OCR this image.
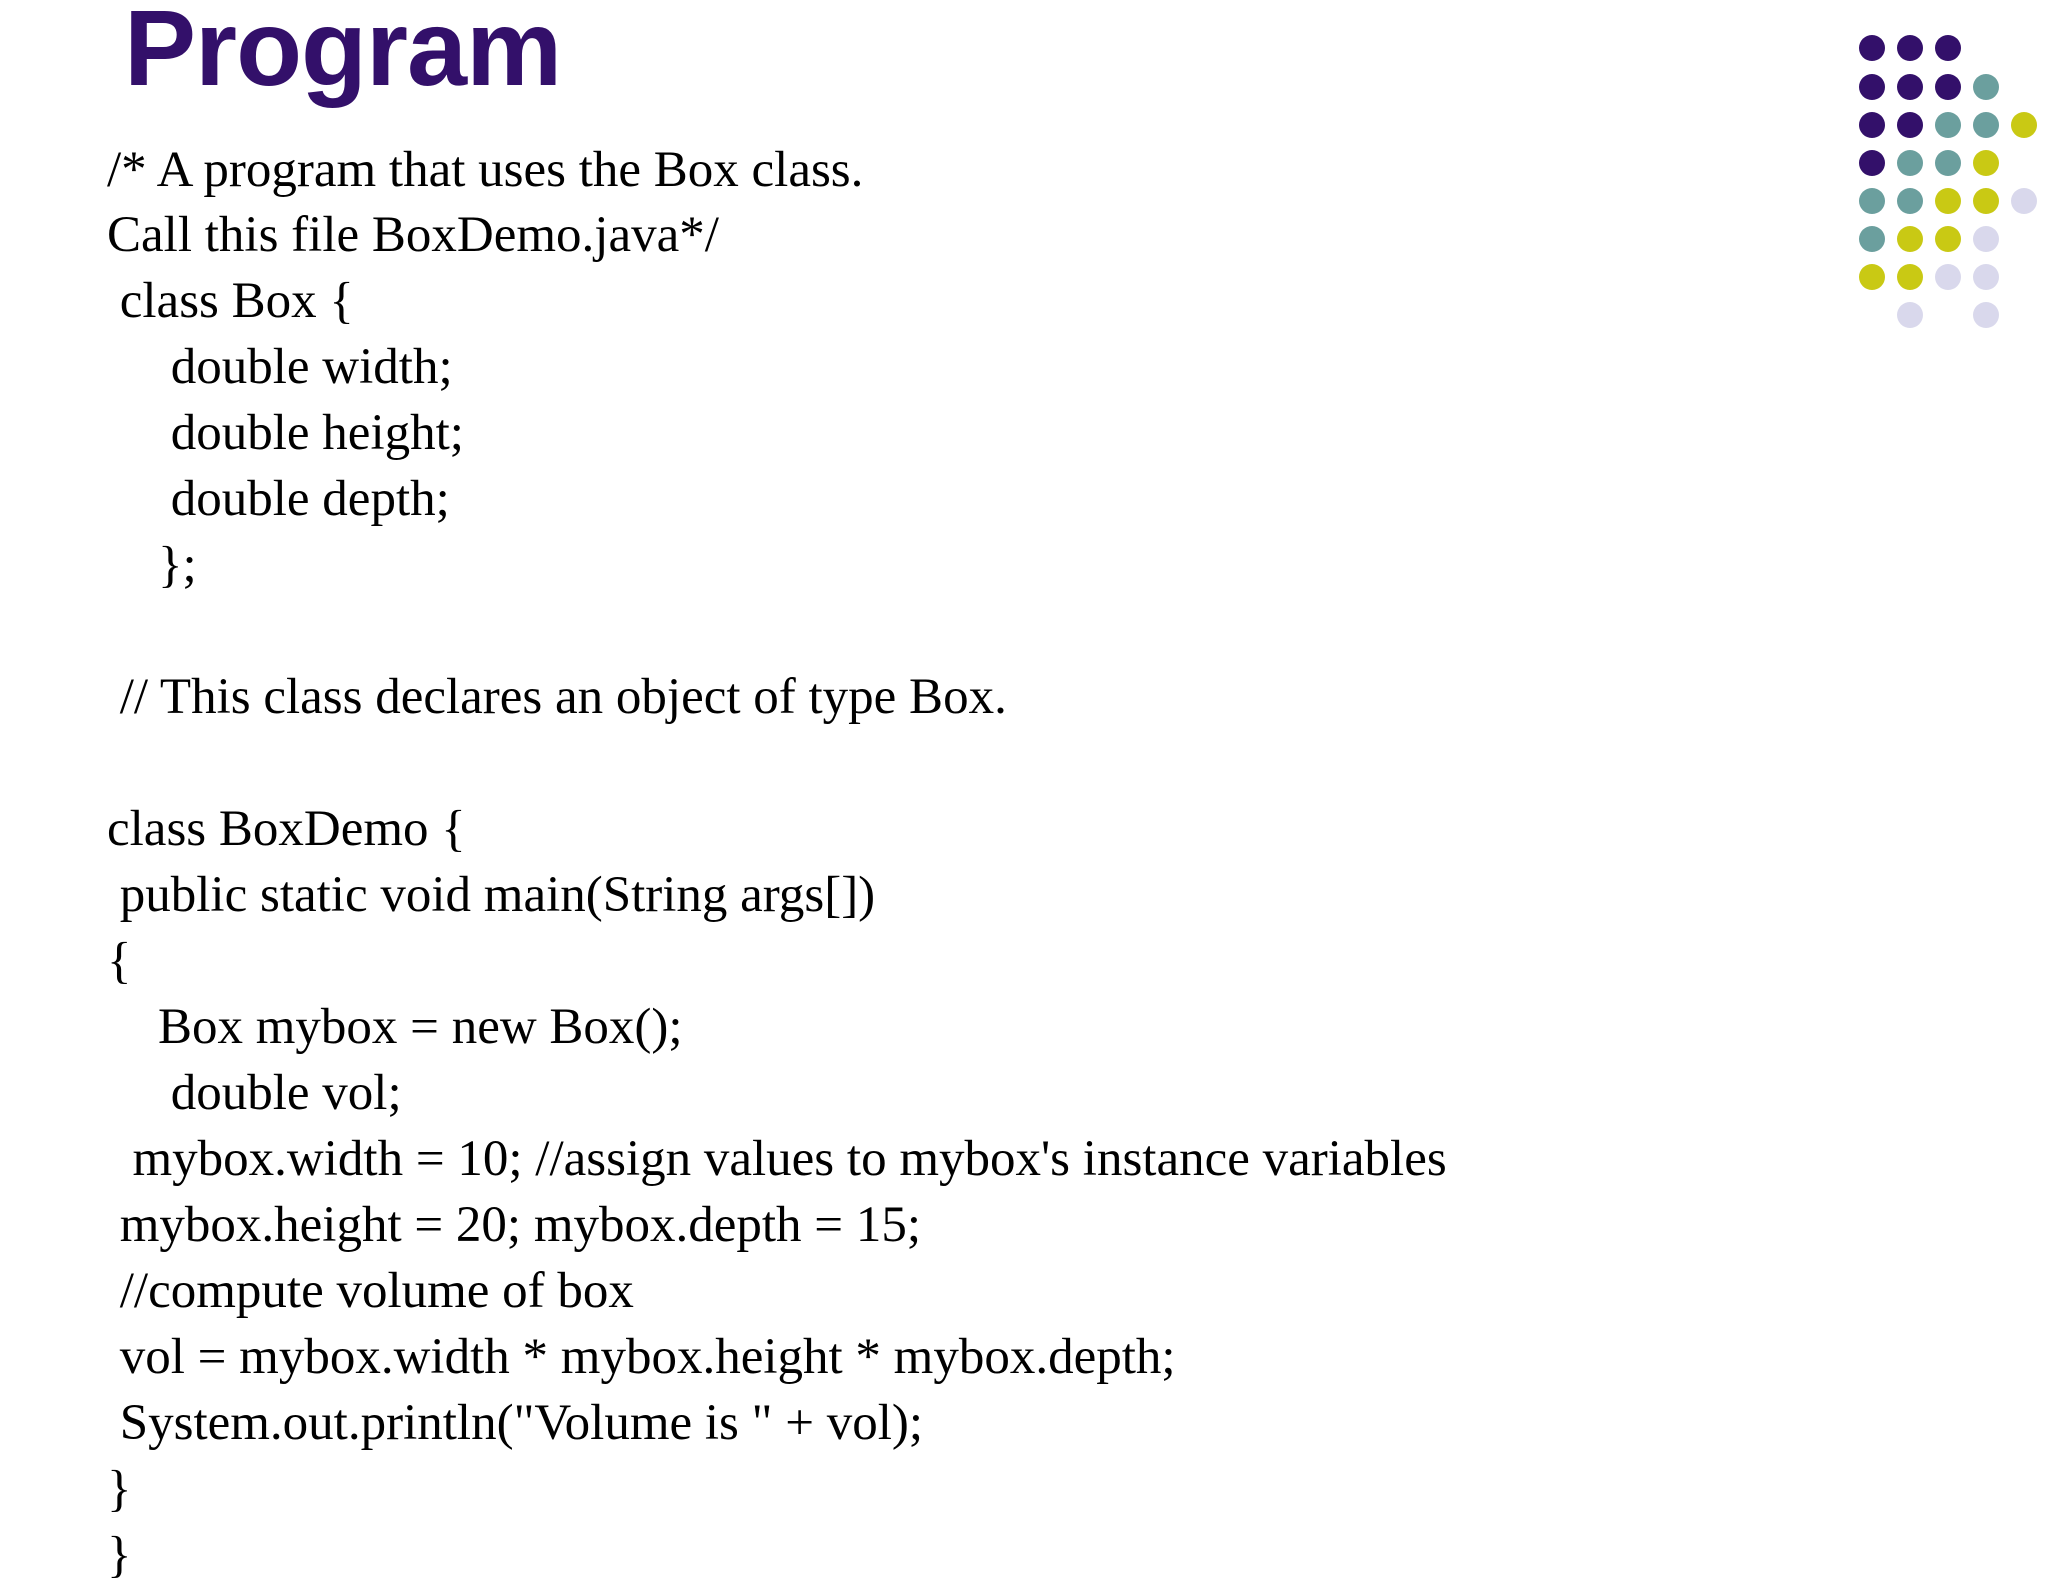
Program
/* A program that uses the Box class.
Call this file BoxDemo.java*/
class Box {
double width;
double height;
double depth;
};
// This class declares an object of type Box.
class BoxDemo {
public static void main(String args[])
{
Box mybox = new Box();
double vol;
mybox.width = 10; //assign values to mybox's instance variables
mybox.height = 20; mybox.depth = 15;
//compute volume of box
vol = mybox.width * mybox.height * mybox.depth;
System.out.println("Volume is " + vol);
}
}
